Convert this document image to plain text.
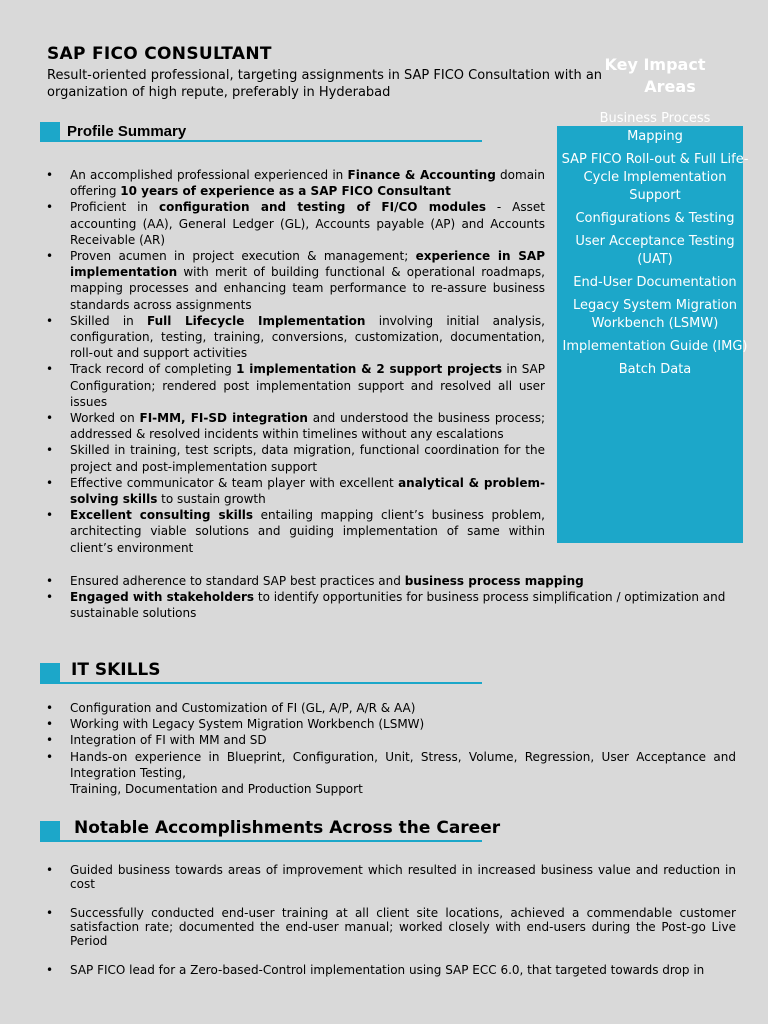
SAP FICO CONSULTANT
Result-oriented professional, targeting assignments in SAP FICO Consultation with an organization of high repute, preferably in Hyderabad
Key Impact
Areas
Business Process
Mapping
SAP FICO Roll-out & Full Life-Cycle Implementation Support
Configurations & Testing
User Acceptance Testing (UAT)
End-User Documentation
Legacy System Migration Workbench (LSMW)
Implementation Guide (IMG)
Batch Data
Profile Summary
• An accomplished professional experienced in Finance & Accounting domain offering 10 years of experience as a SAP FICO Consultant
• Proficient in configuration and testing of FI/CO modules - Asset accounting (AA), General Ledger (GL), Accounts payable (AP) and Accounts Receivable (AR)
• Proven acumen in project execution & management; experience in SAP implementation with merit of building functional & operational roadmaps, mapping processes and enhancing team performance to re-assure business standards across assignments
• Skilled in Full Lifecycle Implementation involving initial analysis, configuration, testing, training, conversions, customization, documentation, roll-out and support activities
• Track record of completing 1 implementation & 2 support projects in SAP Configuration; rendered post implementation support and resolved all user issues
• Worked on FI-MM, FI-SD integration and understood the business process; addressed & resolved incidents within timelines without any escalations
• Skilled in training, test scripts, data migration, functional coordination for the project and post-implementation support
• Effective communicator & team player with excellent analytical & problem-solving skills to sustain growth
• Excellent consulting skills entailing mapping client’s business problem, architecting viable solutions and guiding implementation of same within client’s environment
• Ensured adherence to standard SAP best practices and business process mapping
• Engaged with stakeholders to identify opportunities for business process simplification / optimization and sustainable solutions
IT SKILLS
• Configuration and Customization of FI (GL, A/P, A/R & AA)
• Working with Legacy System Migration Workbench (LSMW)
• Integration of FI with MM and SD
• Hands-on experience in Blueprint, Configuration, Unit, Stress, Volume, Regression, User Acceptance and Integration Testing,
Training, Documentation and Production Support
Notable Accomplishments Across the Career
• Guided business towards areas of improvement which resulted in increased business value and reduction in cost
• Successfully conducted end-user training at all client site locations, achieved a commendable customer satisfaction rate; documented the end-user manual; worked closely with end-users during the Post-go Live Period
• SAP FICO lead for a Zero-based-Control implementation using SAP ECC 6.0, that targeted towards drop in
